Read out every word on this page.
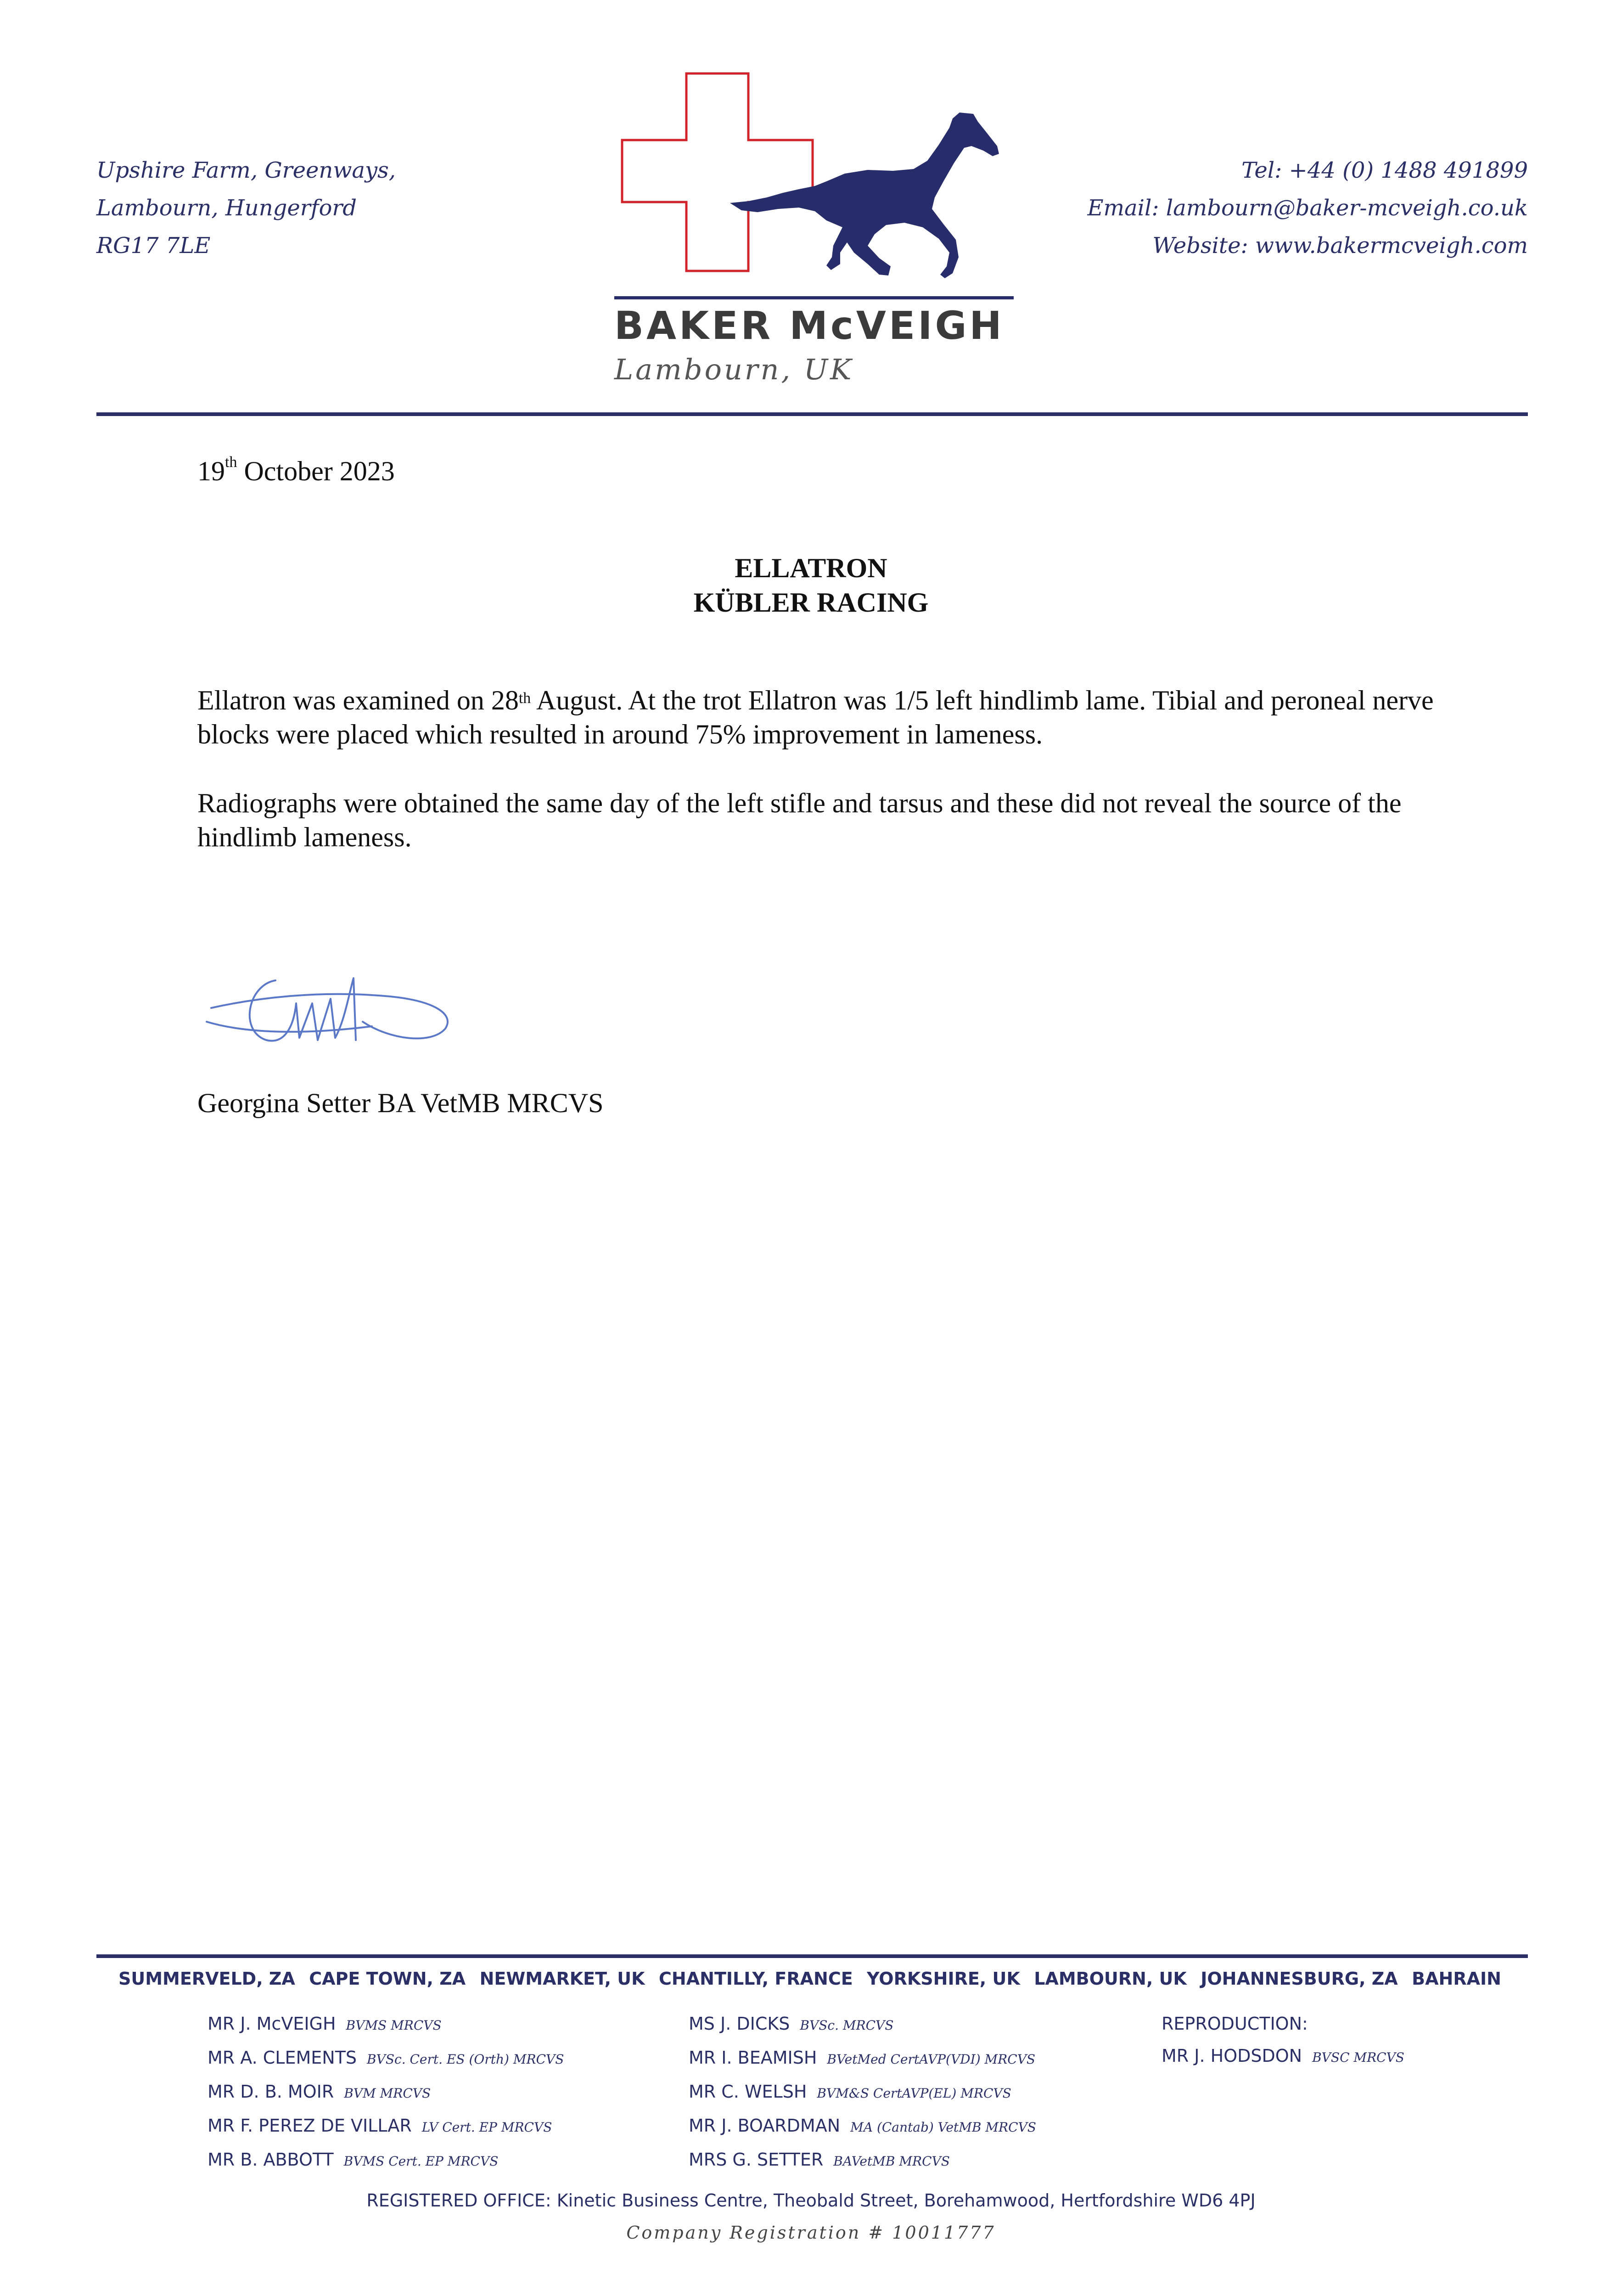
Upshire Farm, Greenways,
Lambourn, Hungerford
RG17 7LE
BAKER McVEIGH
Lambourn, UK
Tel: +44 (0) 1488 491899
Email: lambourn@baker-mcveigh.co.uk
Website: www.bakermcveigh.com
19th October 2023
ELLATRON
KÜBLER RACING
Ellatron was examined on 28th August. At the trot Ellatron was 1/5 left hindlimb lame. Tibial and peroneal nerve blocks were placed which resulted in around 75% improvement in lameness.
Radiographs were obtained the same day of the left stifle and tarsus and these did not reveal the source of the hindlimb lameness.
Georgina Setter BA VetMB MRCVS
SUMMERVELD, ZA CAPE TOWN, ZA NEWMARKET, UK CHANTILLY, FRANCE YORKSHIRE, UK LAMBOURN, UK JOHANNESBURG, ZA BAHRAIN
MR J. McVEIGH BVMS MRCVS
MR A. CLEMENTS BVSc. Cert. ES (Orth) MRCVS
MR D. B. MOIR BVM MRCVS
MR F. PEREZ DE VILLAR LV Cert. EP MRCVS
MR B. ABBOTT BVMS Cert. EP MRCVS
MS J. DICKS BVSc. MRCVS
MR I. BEAMISH BVetMed CertAVP(VDI) MRCVS
MR C. WELSH BVM&S CertAVP(EL) MRCVS
MR J. BOARDMAN MA (Cantab) VetMB MRCVS
MRS G. SETTER BAVetMB MRCVS
REPRODUCTION:
MR J. HODSDON BVSC MRCVS
REGISTERED OFFICE: Kinetic Business Centre, Theobald Street, Borehamwood, Hertfordshire WD6 4PJ
Company Registration # 10011777
